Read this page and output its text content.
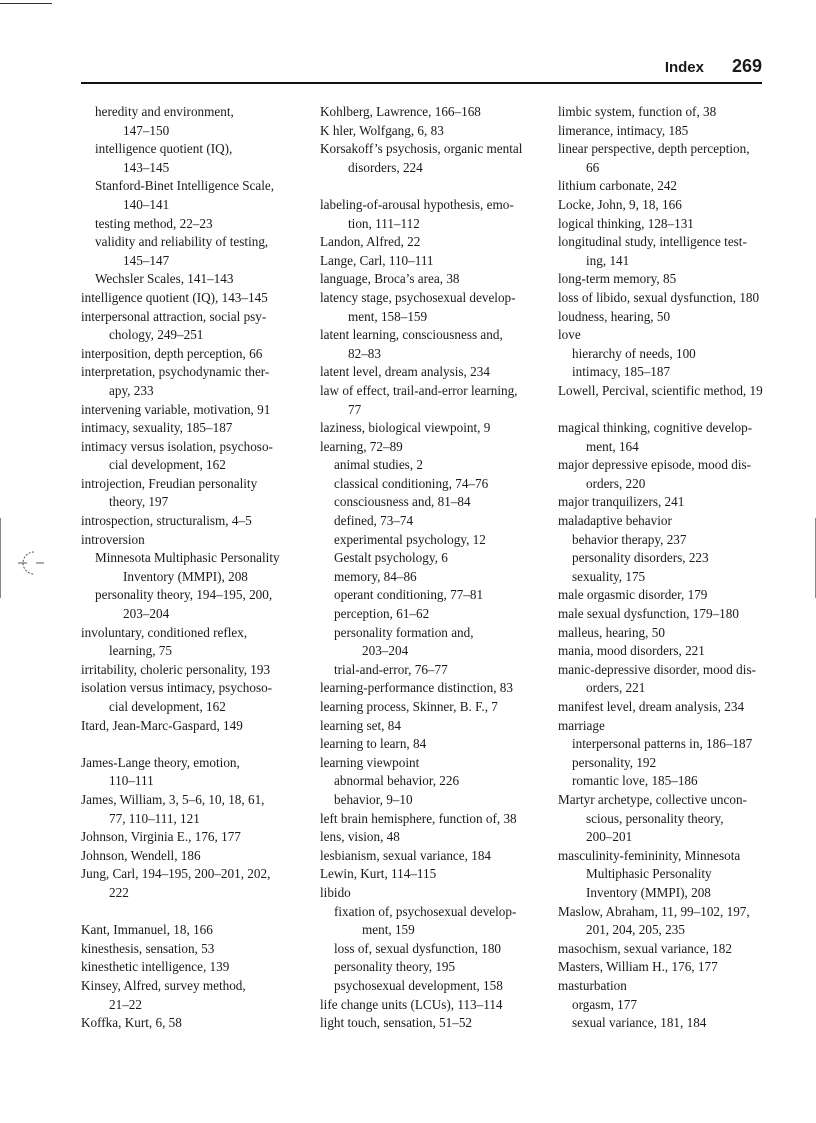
Index 269
heredity and environment,
147–150
intelligence quotient (IQ),
143–145
Stanford-Binet Intelligence Scale,
140–141
testing method, 22–23
validity and reliability of testing,
145–147
Wechsler Scales, 141–143
intelligence quotient (IQ), 143–145
interpersonal attraction, social psy-
chology, 249–251
interposition, depth perception, 66
interpretation, psychodynamic ther-
apy, 233
intervening variable, motivation, 91
intimacy, sexuality, 185–187
intimacy versus isolation, psychoso-
cial development, 162
introjection, Freudian personality
theory, 197
introspection, structuralism, 4–5
introversion
Minnesota Multiphasic Personality
Inventory (MMPI), 208
personality theory, 194–195, 200,
203–204
involuntary, conditioned reflex,
learning, 75
irritability, choleric personality, 193
isolation versus intimacy, psychoso-
cial development, 162
Itard, Jean-Marc-Gaspard, 149
James-Lange theory, emotion,
110–111
James, William, 3, 5–6, 10, 18, 61,
77, 110–111, 121
Johnson, Virginia E., 176, 177
Johnson, Wendell, 186
Jung, Carl, 194–195, 200–201, 202,
222
Kant, Immanuel, 18, 166
kinesthesis, sensation, 53
kinesthetic intelligence, 139
Kinsey, Alfred, survey method,
21–22
Koffka, Kurt, 6, 58
Kohlberg, Lawrence, 166–168
K hler, Wolfgang, 6, 83
Korsakoff’s psychosis, organic mental
disorders, 224
labeling-of-arousal hypothesis, emo-
tion, 111–112
Landon, Alfred, 22
Lange, Carl, 110–111
language, Broca’s area, 38
latency stage, psychosexual develop-
ment, 158–159
latent learning, consciousness and,
82–83
latent level, dream analysis, 234
law of effect, trail-and-error learning,
77
laziness, biological viewpoint, 9
learning, 72–89
animal studies, 2
classical conditioning, 74–76
consciousness and, 81–84
defined, 73–74
experimental psychology, 12
Gestalt psychology, 6
memory, 84–86
operant conditioning, 77–81
perception, 61–62
personality formation and,
203–204
trial-and-error, 76–77
learning-performance distinction, 83
learning process, Skinner, B. F., 7
learning set, 84
learning to learn, 84
learning viewpoint
abnormal behavior, 226
behavior, 9–10
left brain hemisphere, function of, 38
lens, vision, 48
lesbianism, sexual variance, 184
Lewin, Kurt, 114–115
libido
fixation of, psychosexual develop-
ment, 159
loss of, sexual dysfunction, 180
personality theory, 195
psychosexual development, 158
life change units (LCUs), 113–114
light touch, sensation, 51–52
limbic system, function of, 38
limerance, intimacy, 185
linear perspective, depth perception,
66
lithium carbonate, 242
Locke, John, 9, 18, 166
logical thinking, 128–131
longitudinal study, intelligence test-
ing, 141
long-term memory, 85
loss of libido, sexual dysfunction, 180
loudness, hearing, 50
love
hierarchy of needs, 100
intimacy, 185–187
Lowell, Percival, scientific method, 19
magical thinking, cognitive develop-
ment, 164
major depressive episode, mood dis-
orders, 220
major tranquilizers, 241
maladaptive behavior
behavior therapy, 237
personality disorders, 223
sexuality, 175
male orgasmic disorder, 179
male sexual dysfunction, 179–180
malleus, hearing, 50
mania, mood disorders, 221
manic-depressive disorder, mood dis-
orders, 221
manifest level, dream analysis, 234
marriage
interpersonal patterns in, 186–187
personality, 192
romantic love, 185–186
Martyr archetype, collective uncon-
scious, personality theory,
200–201
masculinity-femininity, Minnesota
Multiphasic Personality
Inventory (MMPI), 208
Maslow, Abraham, 11, 99–102, 197,
201, 204, 205, 235
masochism, sexual variance, 182
Masters, William H., 176, 177
masturbation
orgasm, 177
sexual variance, 181, 184
